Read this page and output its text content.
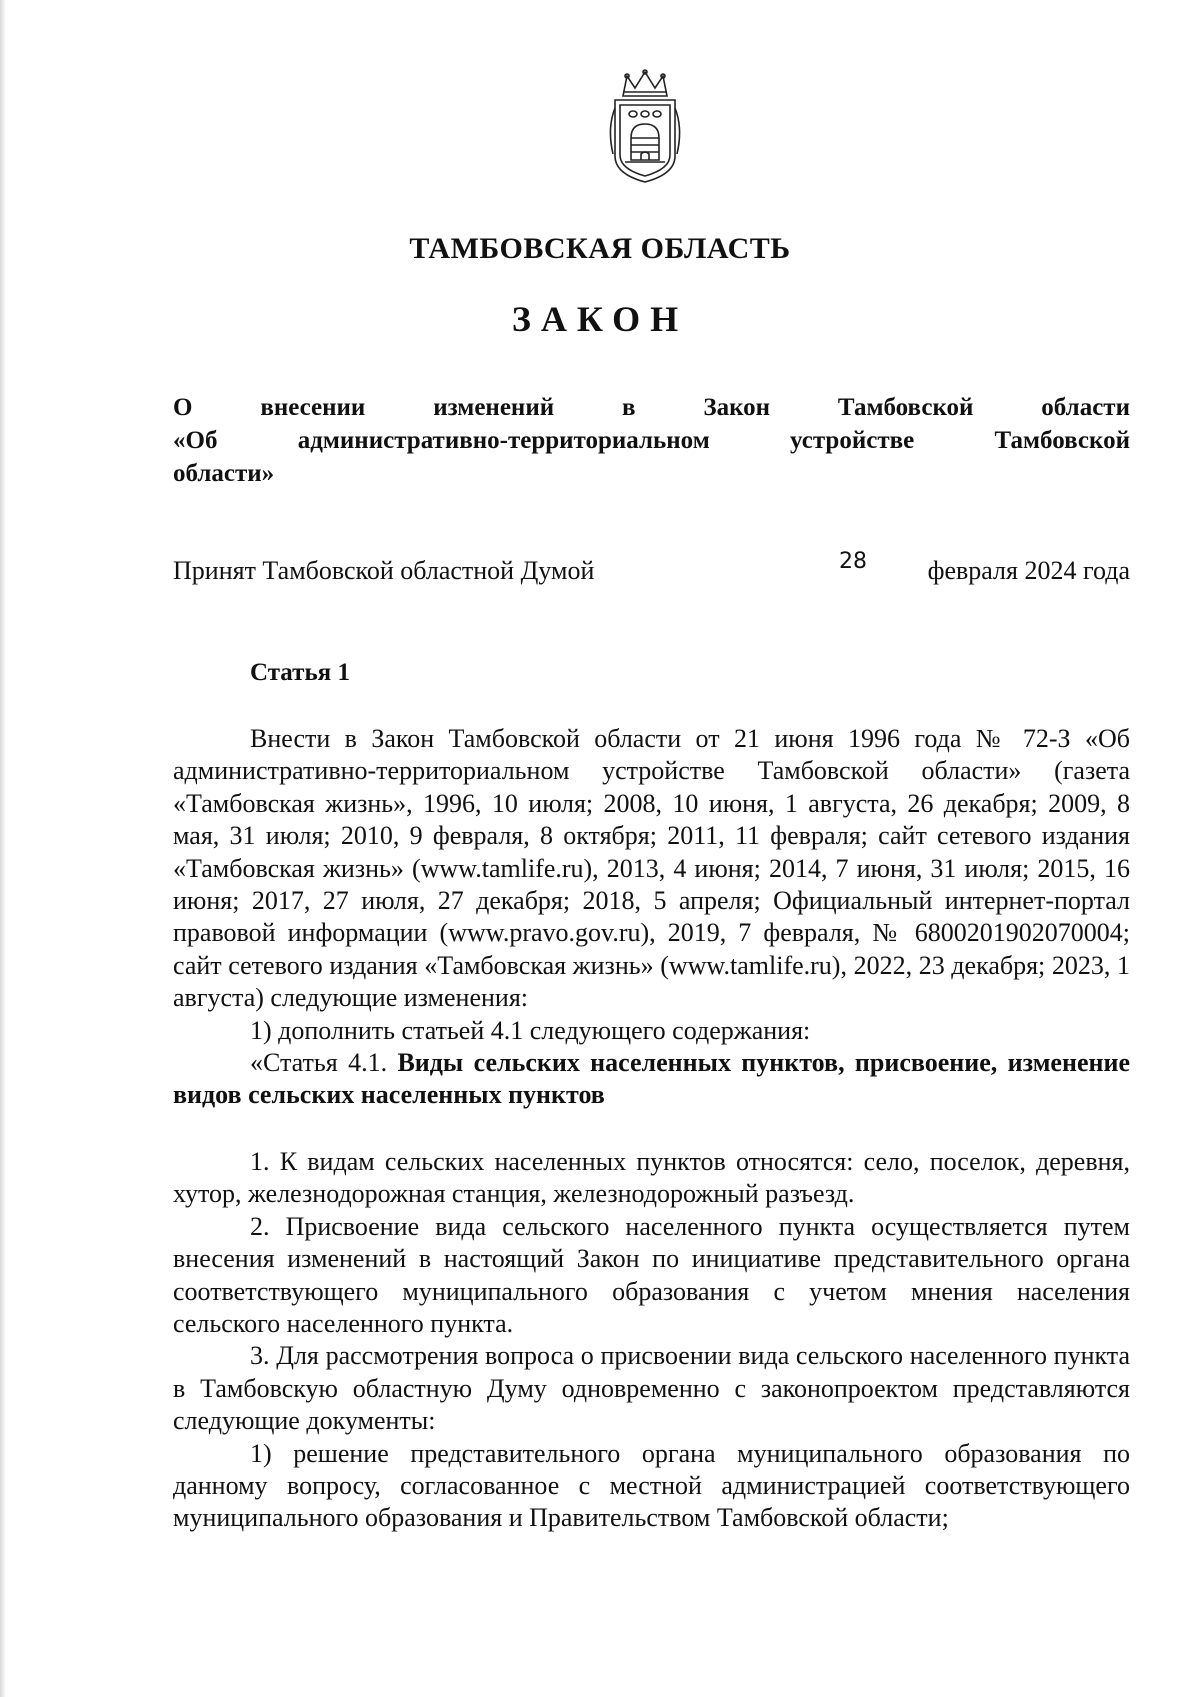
ТАМБОВСКАЯ ОБЛАСТЬ
ЗАКОН
О	внесении	изменений	в	Закон	Тамбовской	области
«Об	административно-территориальном	устройстве	Тамбовской
области»
Принят Тамбовской областной Думой	28 февраля 2024 года
Статья 1

Внести в Закон Тамбовской области от 21 июня 1996 года № 72-З «Об административно-территориальном устройстве Тамбовской области» (газета «Тамбовская жизнь», 1996, 10 июля; 2008, 10 июня, 1 августа, 26 декабря; 2009, 8 мая, 31 июля; 2010, 9 февраля, 8 октября; 2011, 11 февраля; сайт сетевого издания «Тамбовская жизнь» (www.tamlife.ru), 2013, 4 июня; 2014, 7 июня, 31 июля; 2015, 16 июня; 2017, 27 июля, 27 декабря; 2018, 5 апреля; Официальный интернет-портал правовой информации (www.pravo.gov.ru), 2019, 7 февраля, № 6800201902070004; сайт сетевого издания «Тамбовская жизнь» (www.tamlife.ru), 2022, 23 декабря; 2023, 1 августа) следующие изменения:

1) дополнить статьей 4.1 следующего содержания:

«Статья 4.1. Виды сельских населенных пунктов, присвоение, изменение видов сельских населенных пунктов

1. К видам сельских населенных пунктов относятся: село, поселок, деревня, хутор, железнодорожная станция, железнодорожный разъезд.

2. Присвоение вида сельского населенного пункта осуществляется путем внесения изменений в настоящий Закон по инициативе представительного органа соответствующего муниципального образования с учетом мнения населения сельского населенного пункта.

3. Для рассмотрения вопроса о присвоении вида сельского населенного пункта в Тамбовскую областную Думу одновременно с законопроектом представляются следующие документы:

1) решение представительного органа муниципального образования по данному вопросу, согласованное с местной администрацией соответствующего муниципального образования и Правительством Тамбовской области;
